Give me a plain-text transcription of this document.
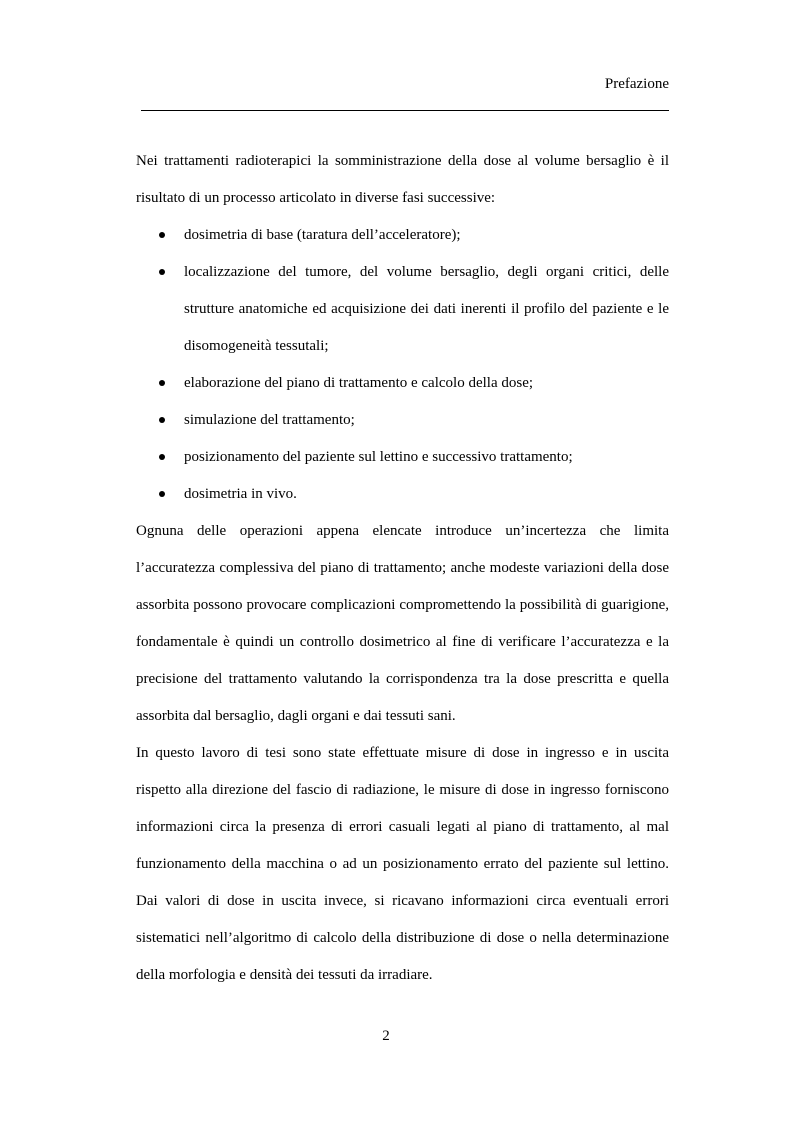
Prefazione

Nei trattamenti radioterapici la somministrazione della dose al volume bersaglio è il risultato di un processo articolato in diverse fasi successive:

dosimetria di base (taratura dell’acceleratore);
localizzazione del tumore, del volume bersaglio, degli organi critici, delle strutture anatomiche ed acquisizione dei dati inerenti il profilo del paziente e le disomogeneità tessutali;
elaborazione del piano di trattamento e calcolo della dose;
simulazione del trattamento;
posizionamento del paziente sul lettino e successivo trattamento;
dosimetria in vivo.

Ognuna delle operazioni appena elencate introduce un’incertezza che limita l’accuratezza complessiva del piano di trattamento; anche modeste variazioni della dose assorbita possono provocare complicazioni compromettendo la possibilità di guarigione, fondamentale è quindi un controllo dosimetrico al fine di verificare l’accuratezza e la precisione del trattamento valutando la corrispondenza tra la dose prescritta e quella assorbita dal bersaglio, dagli organi e dai tessuti sani.

In questo lavoro di tesi sono state effettuate misure di dose in ingresso e in uscita rispetto alla direzione del fascio di radiazione, le misure di dose in ingresso forniscono informazioni circa la presenza di errori casuali legati al piano di trattamento, al mal funzionamento della macchina o ad un posizionamento errato del paziente sul lettino. Dai valori di dose in uscita invece, si ricavano informazioni circa eventuali errori sistematici nell’algoritmo di calcolo della distribuzione di dose o nella determinazione della morfologia e densità dei tessuti da irradiare.

2
